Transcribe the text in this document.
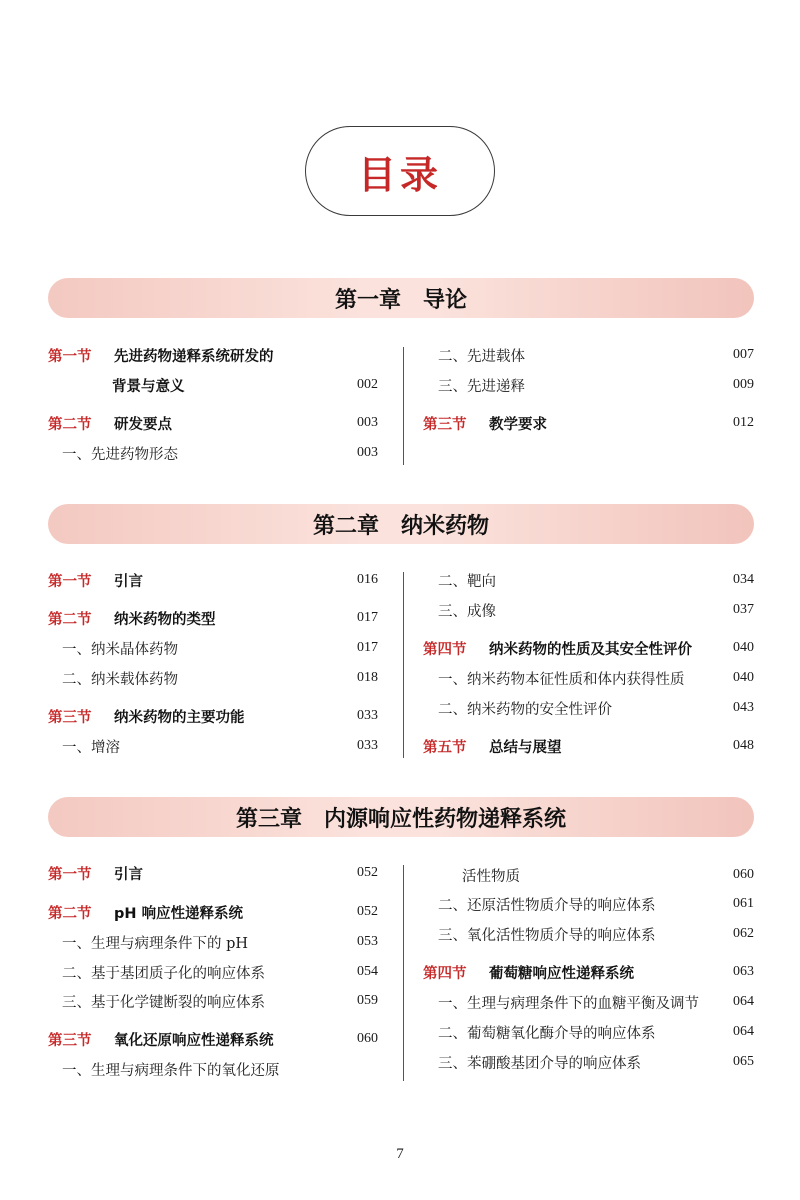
目录
第一章　导论
第一节	先进药物递释系统研发的
背景与意义	002
第二节	研发要点	003
一、先进药物形态	003
二、先进载体	007
三、先进递释	009
第三节	教学要求	012
第二章　纳米药物
第一节	引言	016
第二节	纳米药物的类型	017
一、纳米晶体药物	017
二、纳米载体药物	018
第三节	纳米药物的主要功能	033
一、增溶	033
二、靶向	034
三、成像	037
第四节	纳米药物的性质及其安全性评价	040
一、纳米药物本征性质和体内获得性质	040
二、纳米药物的安全性评价	043
第五节	总结与展望	048
第三章　内源响应性药物递释系统
第一节	引言	052
第二节	pH 响应性递释系统	052
一、生理与病理条件下的 pH	053
二、基于基团质子化的响应体系	054
三、基于化学键断裂的响应体系	059
第三节	氧化还原响应性递释系统	060
一、生理与病理条件下的氧化还原
活性物质	060
二、还原活性物质介导的响应体系	061
三、氧化活性物质介导的响应体系	062
第四节	葡萄糖响应性递释系统	063
一、生理与病理条件下的血糖平衡及调节	064
二、葡萄糖氧化酶介导的响应体系	064
三、苯硼酸基团介导的响应体系	065
7
